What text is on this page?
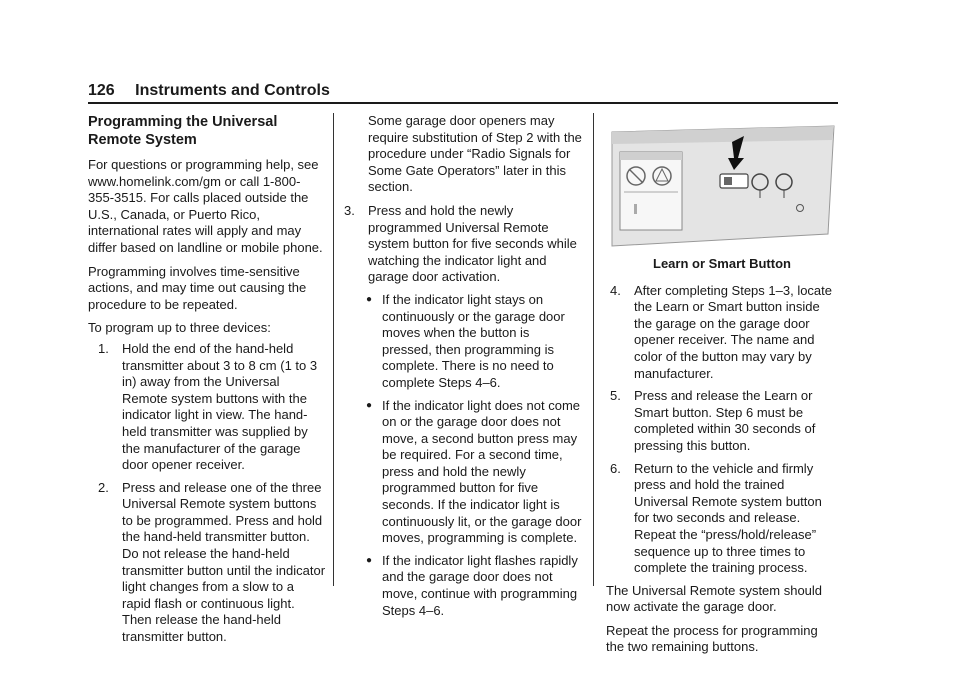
126 Instruments and Controls
Programming the Universal Remote System

For questions or programming help, see www.homelink.com/gm or call 1-800-355-3515. For calls placed outside the U.S., Canada, or Puerto Rico, international rates will apply and may differ based on landline or mobile phone.

Programming involves time-sensitive actions, and may time out causing the procedure to be repeated.

To program up to three devices:

1. Hold the end of the hand-held transmitter about 3 to 8 cm (1 to 3 in) away from the Universal Remote system buttons with the indicator light in view. The hand-held transmitter was supplied by the manufacturer of the garage door opener receiver.
2. Press and release one of the three Universal Remote system buttons to be programmed. Press and hold the hand-held transmitter button. Do not release the hand-held transmitter button until the indicator light changes from a slow to a rapid flash or continuous light. Then release the hand-held transmitter button.

Some garage door openers may require substitution of Step 2 with the procedure under “Radio Signals for Some Gate Operators” later in this section.

3. Press and hold the newly programmed Universal Remote system button for five seconds while watching the indicator light and garage door activation.
● If the indicator light stays on continuously or the garage door moves when the button is pressed, then programming is complete. There is no need to complete Steps 4–6.
● If the indicator light does not come on or the garage door does not move, a second button press may be required. For a second time, press and hold the newly programmed button for five seconds. If the indicator light is continuously lit, or the garage door moves, programming is complete.
● If the indicator light flashes rapidly and the garage door does not move, continue with programming Steps 4–6.
Learn or Smart Button
4. After completing Steps 1–3, locate the Learn or Smart button inside the garage on the garage door opener receiver. The name and color of the button may vary by manufacturer.
5. Press and release the Learn or Smart button. Step 6 must be completed within 30 seconds of pressing this button.
6. Return to the vehicle and firmly press and hold the trained Universal Remote system button for two seconds and release. Repeat the “press/hold/release” sequence up to three times to complete the training process.

The Universal Remote system should now activate the garage door.

Repeat the process for programming the two remaining buttons.
